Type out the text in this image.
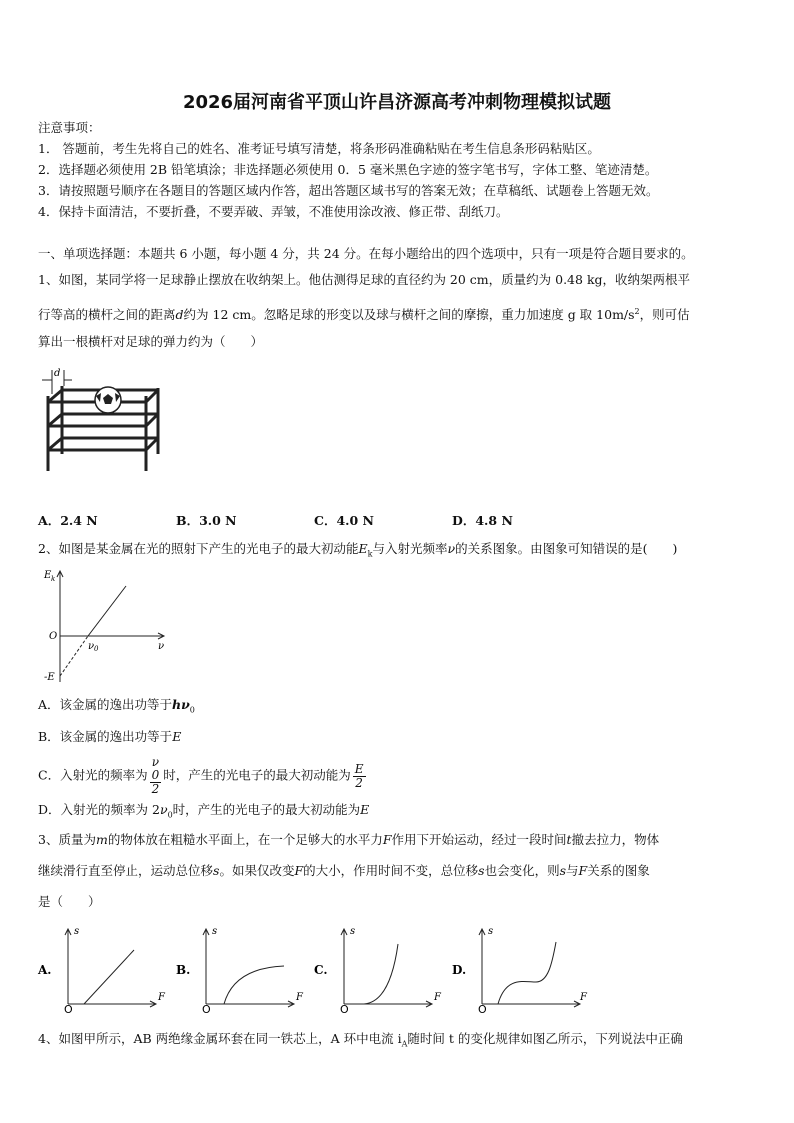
2026届河南省平顶山许昌济源高考冲刺物理模拟试题
注意事项：
1． 答题前，考生先将自己的姓名、准考证号填写清楚，将条形码准确粘贴在考生信息条形码粘贴区。
2．选择题必须使用 2B 铅笔填涂；非选择题必须使用 0．5 毫米黑色字迹的签字笔书写，字体工整、笔迹清楚。
3．请按照题号顺序在各题目的答题区域内作答，超出答题区域书写的答案无效；在草稿纸、试题卷上答题无效。
4．保持卡面清洁，不要折叠，不要弄破、弄皱，不准使用涂改液、修正带、刮纸刀。
一、单项选择题：本题共 6 小题，每小题 4 分，共 24 分。在每小题给出的四个选项中，只有一项是符合题目要求的。
1、如图，某同学将一足球静止摆放在收纳架上。他估测得足球的直径约为 20 cm，质量约为 0.48 kg，收纳架两根平
行等高的横杆之间的距离d约为 12 cm。忽略足球的形变以及球与横杆之间的摩擦，重力加速度 g 取 $10m/s^2$，则可估
算出一根横杆对足球的弹力约为（　　）
d
A．2.4 N	B．3.0 N	C．4.0 N	D．4.8 N
2、如图是某金属在光的照射下产生的光电子的最大初动能$E_k$与入射光频率ν的关系图象。由图象可知错误的是(　　)
E k
O
ν
ν 0
-E
A．该金属的逸出功等于$h\nu_0$
B．该金属的逸出功等于E
C．入射光的频率为 ν
0
2 时，产生的光电子的最大初动能为 $\frac{E}{2}$
D．入射光的频率为 $2\nu_0$时，产生的光电子的最大初动能为E
3、质量为m的物体放在粗糙水平面上，在一个足够大的水平力F作用下开始运动，经过一段时间t撤去拉力，物体
继续滑行直至停止，运动总位移s。如果仅改变F的大小，作用时间不变，总位移s也会变化，则s与F关系的图象
是（　　）
A.
s
F
O
B.
s
F
O
C.
s
F
O
D.
s
F
O
4、如图甲所示，AB 两绝缘金属环套在同一铁芯上，A 环中电流 $i_A$随时间 t 的变化规律如图乙所示，下列说法中正确
